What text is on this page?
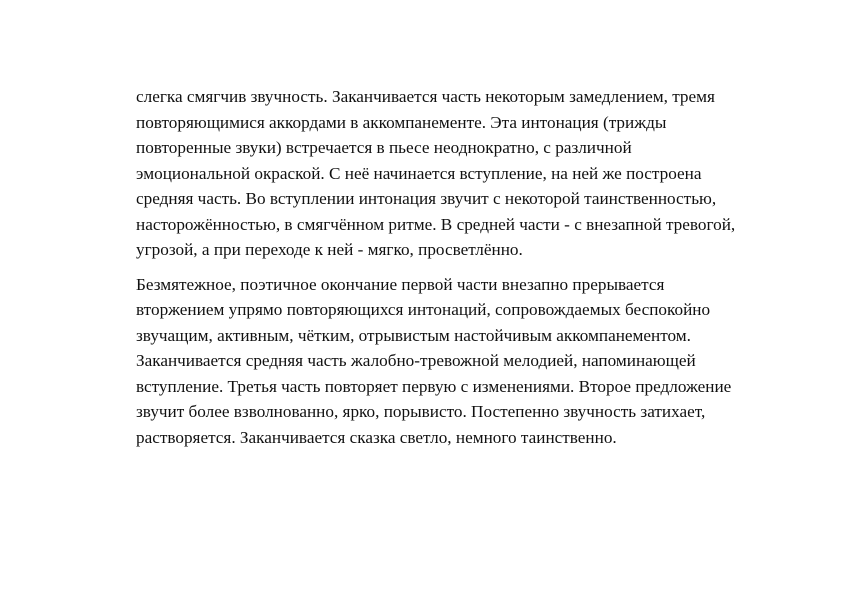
слегка смягчив звучность. Заканчивается часть некоторым замедлением, тремя
повторяющимися аккордами в аккомпанементе. Эта интонация (трижды
повторенные звуки) встречается в пьесе неоднократно, с различной
эмоциональной окраской. С неё начинается вступление, на ней же построена
средняя часть. Во вступлении интонация звучит с некоторой таинственностью,
насторожённостью, в смягчённом ритме. В средней части - с внезапной тревогой,
угрозой, а при переходе к ней - мягко, просветлённо.

Безмятежное, поэтичное окончание первой части внезапно прерывается
вторжением упрямо повторяющихся интонаций, сопровождаемых беспокойно
звучащим, активным, чётким, отрывистым настойчивым аккомпанементом.
Заканчивается средняя часть жалобно-тревожной мелодией, напоминающей
вступление. Третья часть повторяет первую с изменениями. Второе предложение
звучит более взволнованно, ярко, порывисто. Постепенно звучность затихает,
растворяется. Заканчивается сказка светло, немного таинственно.
